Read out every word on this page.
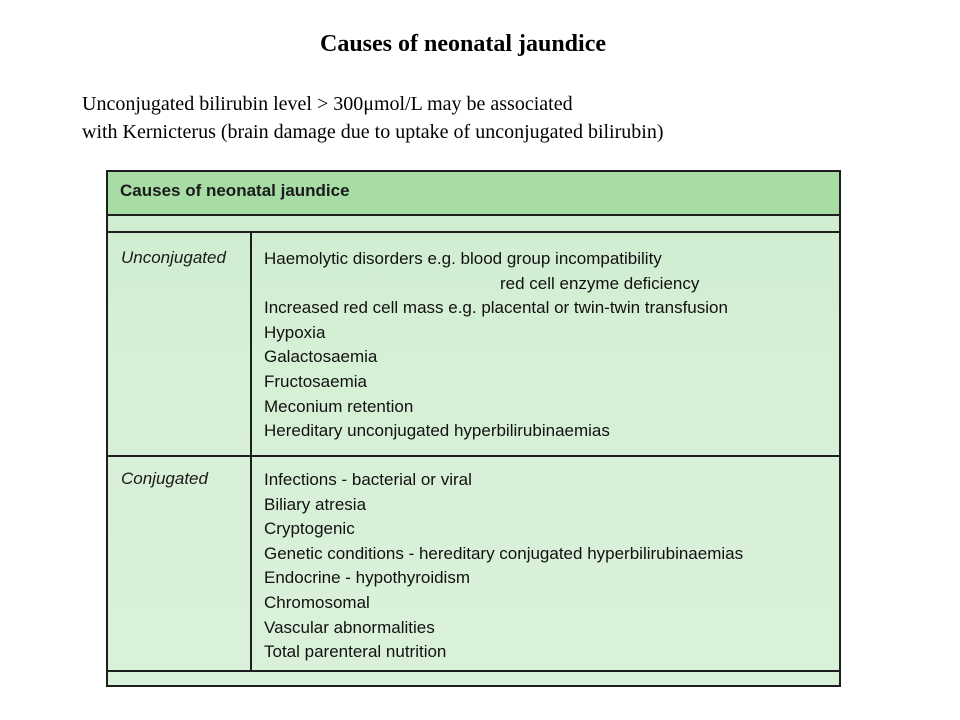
Causes of neonatal jaundice
Unconjugated bilirubin level > 300μmol/L may be associated
with Kernicterus (brain damage due to uptake of unconjugated bilirubin)
Causes of neonatal jaundice
Unconjugated Haemolytic disorders e.g. blood group incompatibility
red cell enzyme deficiency
Increased red cell mass e.g. placental or twin-twin transfusion
Hypoxia
Galactosaemia
Fructosaemia
Meconium retention
Hereditary unconjugated hyperbilirubinaemias
Conjugated	Infections - bacterial or viral
Biliary atresia
Cryptogenic
Genetic conditions - hereditary conjugated hyperbilirubinaemias
Endocrine - hypothyroidism
Chromosomal
Vascular abnormalities
Total parenteral nutrition
